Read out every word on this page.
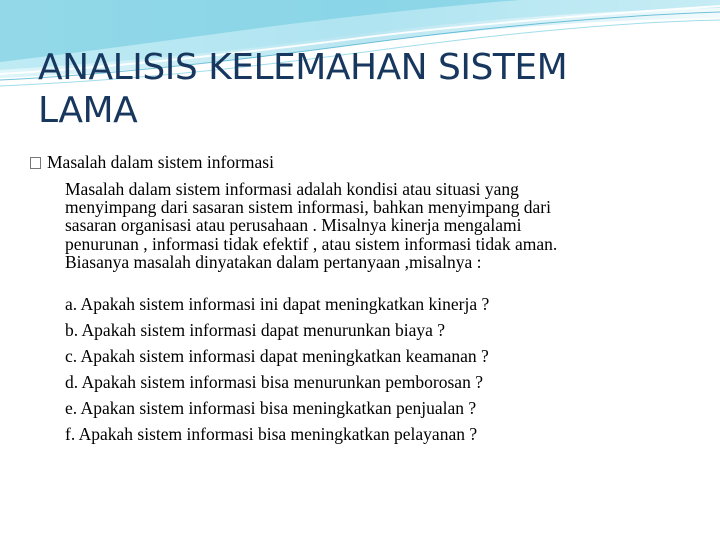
ANALISIS KELEMAHAN SISTEM
LAMA
Masalah dalam sistem informasi
Masalah dalam sistem informasi adalah kondisi atau situasi yang
menyimpang dari sasaran sistem informasi, bahkan menyimpang dari
sasaran organisasi atau perusahaan . Misalnya kinerja mengalami
penurunan , informasi tidak efektif , atau sistem informasi tidak aman.
Biasanya masalah dinyatakan dalam pertanyaan ,misalnya :
a. Apakah sistem informasi ini dapat meningkatkan kinerja ?
b. Apakah sistem informasi dapat menurunkan biaya ?
c. Apakah sistem informasi dapat meningkatkan keamanan ?
d. Apakah sistem informasi bisa menurunkan pemborosan ?
e. Apakan sistem informasi bisa meningkatkan penjualan ?
f. Apakah sistem informasi bisa meningkatkan pelayanan ?
